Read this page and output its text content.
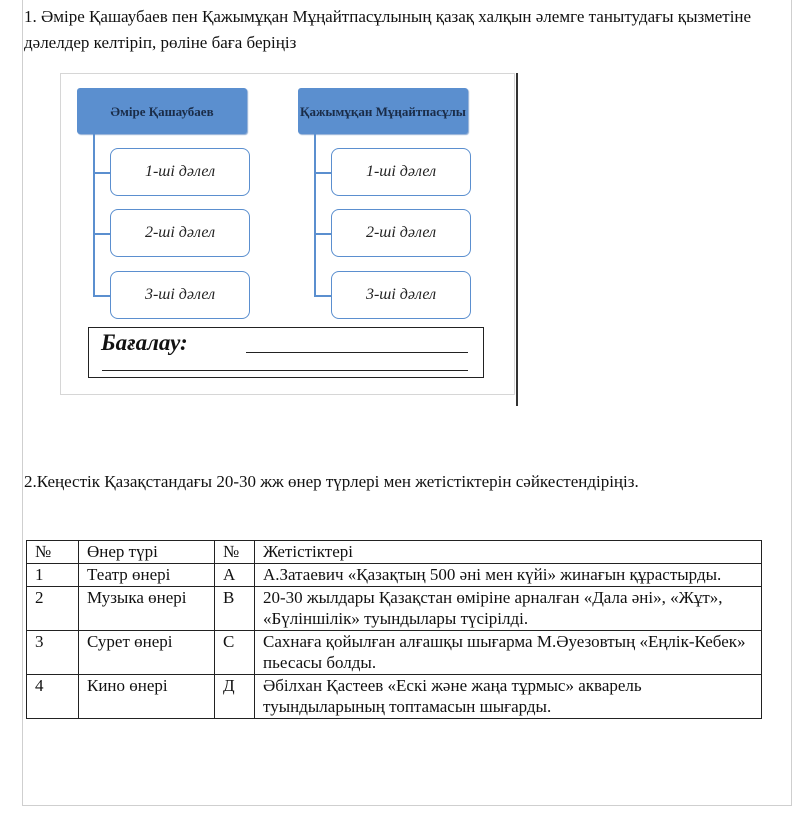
1. Әміре Қашаубаев пен Қажымұқан Мұңайтпасұлының қазақ халқын әлемге танытудағы қызметіне дәлелдер келтіріп, рөліне баға беріңіз

Әміре Қашаубаев
1-ші дәлел
2-ші дәлел
3-ші дәлел
Қажымұқан Мұңайтпасұлы
1-ші дәлел
2-ші дәлел
3-ші дәлел
Бағалау:

2.Кеңестік Қазақстандағы 20-30 жж өнер түрлері мен жетістіктерін сәйкестендіріңіз.

№	Өнер түрі	№	Жетістіктері
1	Театр өнері	А	А.Затаевич «Қазақтың 500 әні мен күйі» жинағын құрастырды.
2	Музыка өнері	В	20-30 жылдары Қазақстан өміріне арналған «Дала әні», «Жұт», «Бүліншілік» туындылары түсірілді.
3	Сурет өнері	С	Сахнаға қойылған алғашқы шығарма М.Әуезовтың «Еңлік-Кебек» пьесасы болды.
4	Кино өнері	Д	Әбілхан Қастеев «Ескі және жаңа тұрмыс» акварель туындыларының топтамасын шығарды.
